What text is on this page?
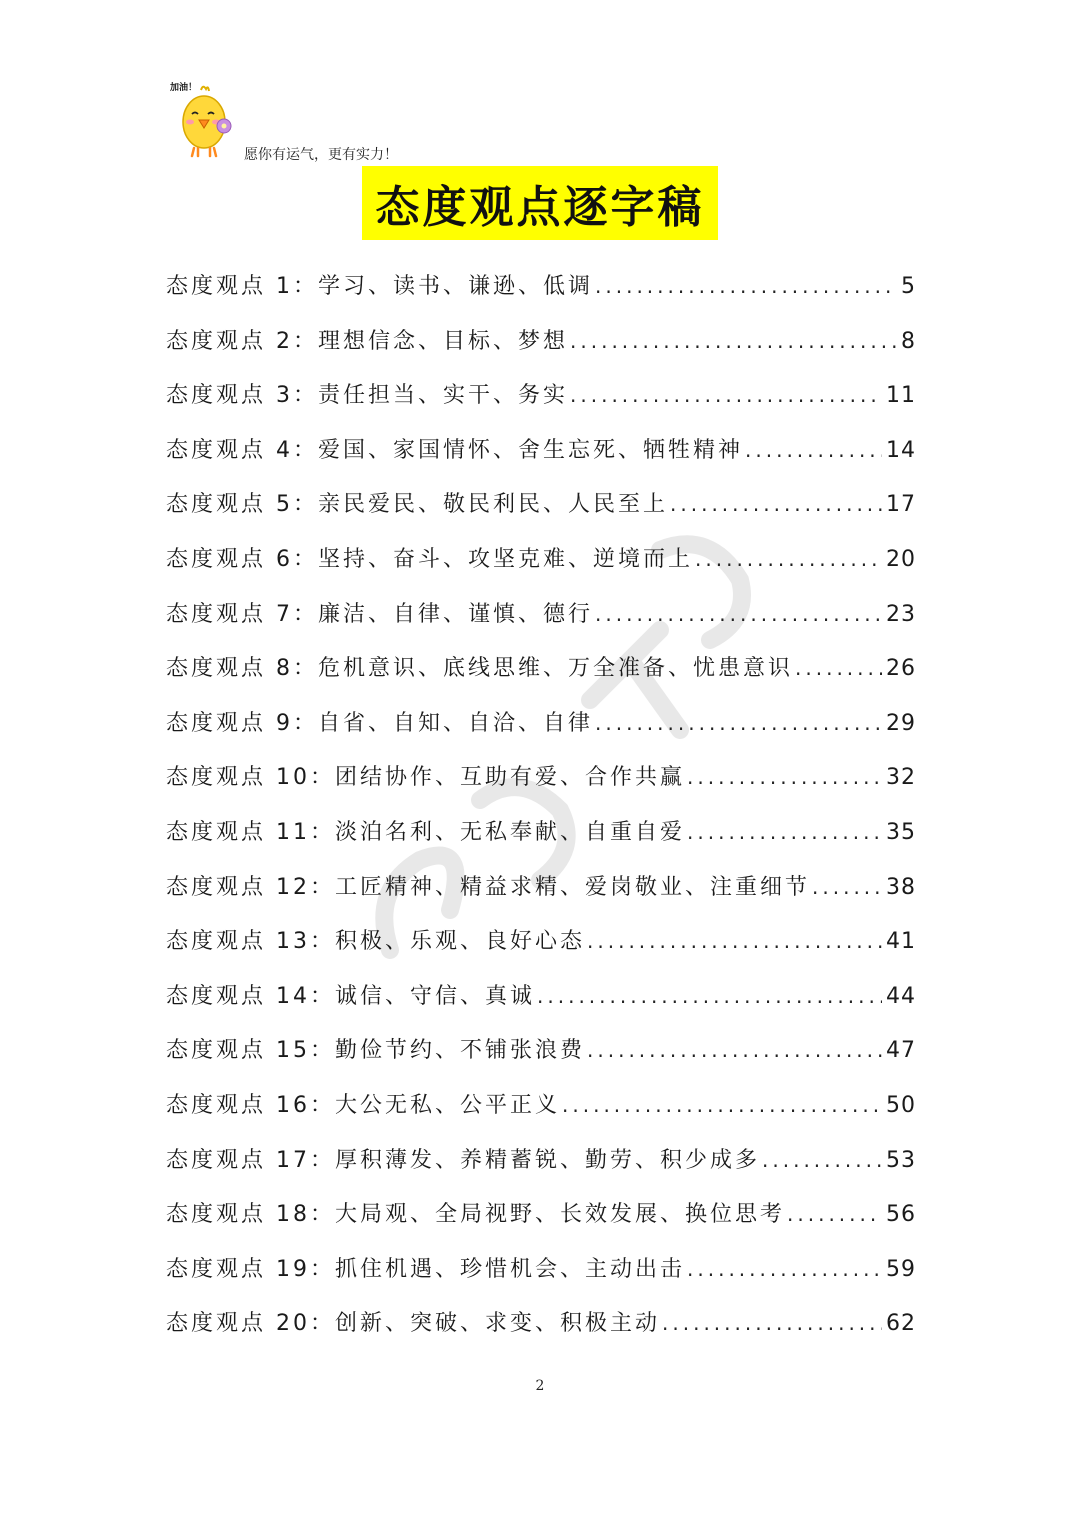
加油！
愿你有运气，更有实力！
态度观点逐字稿
态度观点 1： 学习、读书、谦逊、低调 .....	5
态度观点 2： 理想信念、目标、梦想 .....	8
态度观点 3： 责任担当、实干、务实 .....	11
态度观点 4： 爱国、家国情怀、舍生忘死、牺牲精神 .....	14
态度观点 5： 亲民爱民、敬民利民、人民至上 .....	17
态度观点 6： 坚持、奋斗、攻坚克难、逆境而上 .....	20
态度观点 7： 廉洁、自律、谨慎、德行 .....	23
态度观点 8： 危机意识、底线思维、万全准备、忧患意识 .....	26
态度观点 9： 自省、自知、自洽、自律 .....	29
态度观点 10： 团结协作、互助有爱、合作共赢 .....	32
态度观点 11： 淡泊名利、无私奉献、自重自爱 .....	35
态度观点 12： 工匠精神、精益求精、爱岗敬业、注重细节 .....	38
态度观点 13： 积极、乐观、良好心态 .....	41
态度观点 14： 诚信、守信、真诚 .....	44
态度观点 15： 勤俭节约、不铺张浪费 .....	47
态度观点 16： 大公无私、公平正义 .....	50
态度观点 17： 厚积薄发、养精蓄锐、勤劳、积少成多 .....	53
态度观点 18： 大局观、全局视野、长效发展、换位思考 .....	56
态度观点 19： 抓住机遇、珍惜机会、主动出击 .....	59
态度观点 20： 创新、突破、求变、积极主动 .....	62
2
